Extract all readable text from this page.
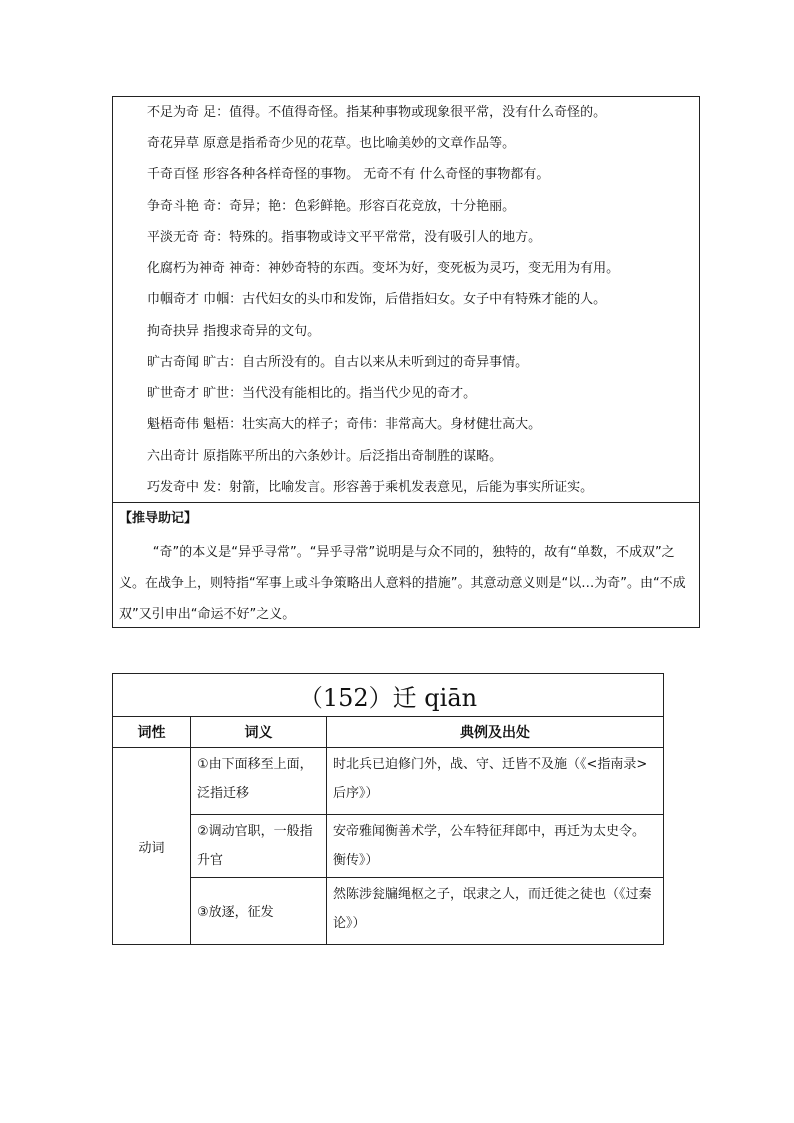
不足为奇 足：值得。不值得奇怪。指某种事物或现象很平常，没有什么奇怪的。
奇花异草 原意是指希奇少见的花草。也比喻美妙的文章作品等。
千奇百怪 形容各种各样奇怪的事物。 无奇不有 什么奇怪的事物都有。
争奇斗艳 奇：奇异；艳：色彩鲜艳。形容百花竞放，十分艳丽。
平淡无奇 奇：特殊的。指事物或诗文平平常常，没有吸引人的地方。
化腐朽为神奇 神奇：神妙奇特的东西。变坏为好，变死板为灵巧，变无用为有用。
巾帼奇才 巾帼：古代妇女的头巾和发饰，后借指妇女。女子中有特殊才能的人。
拘奇抉异 指搜求奇异的文句。
旷古奇闻 旷古：自古所没有的。自古以来从未听到过的奇异事情。
旷世奇才 旷世：当代没有能相比的。指当代少见的奇才。
魁梧奇伟 魁梧：壮实高大的样子；奇伟：非常高大。身材健壮高大。
六出奇计 原指陈平所出的六条妙计。后泛指出奇制胜的谋略。
巧发奇中 发：射箭，比喻发言。形容善于乘机发表意见，后能为事实所证实。
【推导助记】
“奇”的本义是“异乎寻常”。“异乎寻常”说明是与众不同的，独特的，故有“单数，不成双”之义。在战争上，则特指“军事上或斗争策略出人意料的措施”。其意动意义则是“以…为奇”。由“不成双”又引申出“命运不好”之义。
（152）迁 qiān		
词性	词义	典例及出处
动词	①由下面移至上面，泛指迁移	时北兵已迫修门外，战、守、迁皆不及施（《<指南录>后序》）
	②调动官职，一般指升官	安帝雅闻衡善术学，公车特征拜郎中，再迁为太史令。衡传》）
	③放逐，征发	然陈涉瓮牖绳枢之子，氓隶之人，而迁徙之徒也（《过秦论》）
